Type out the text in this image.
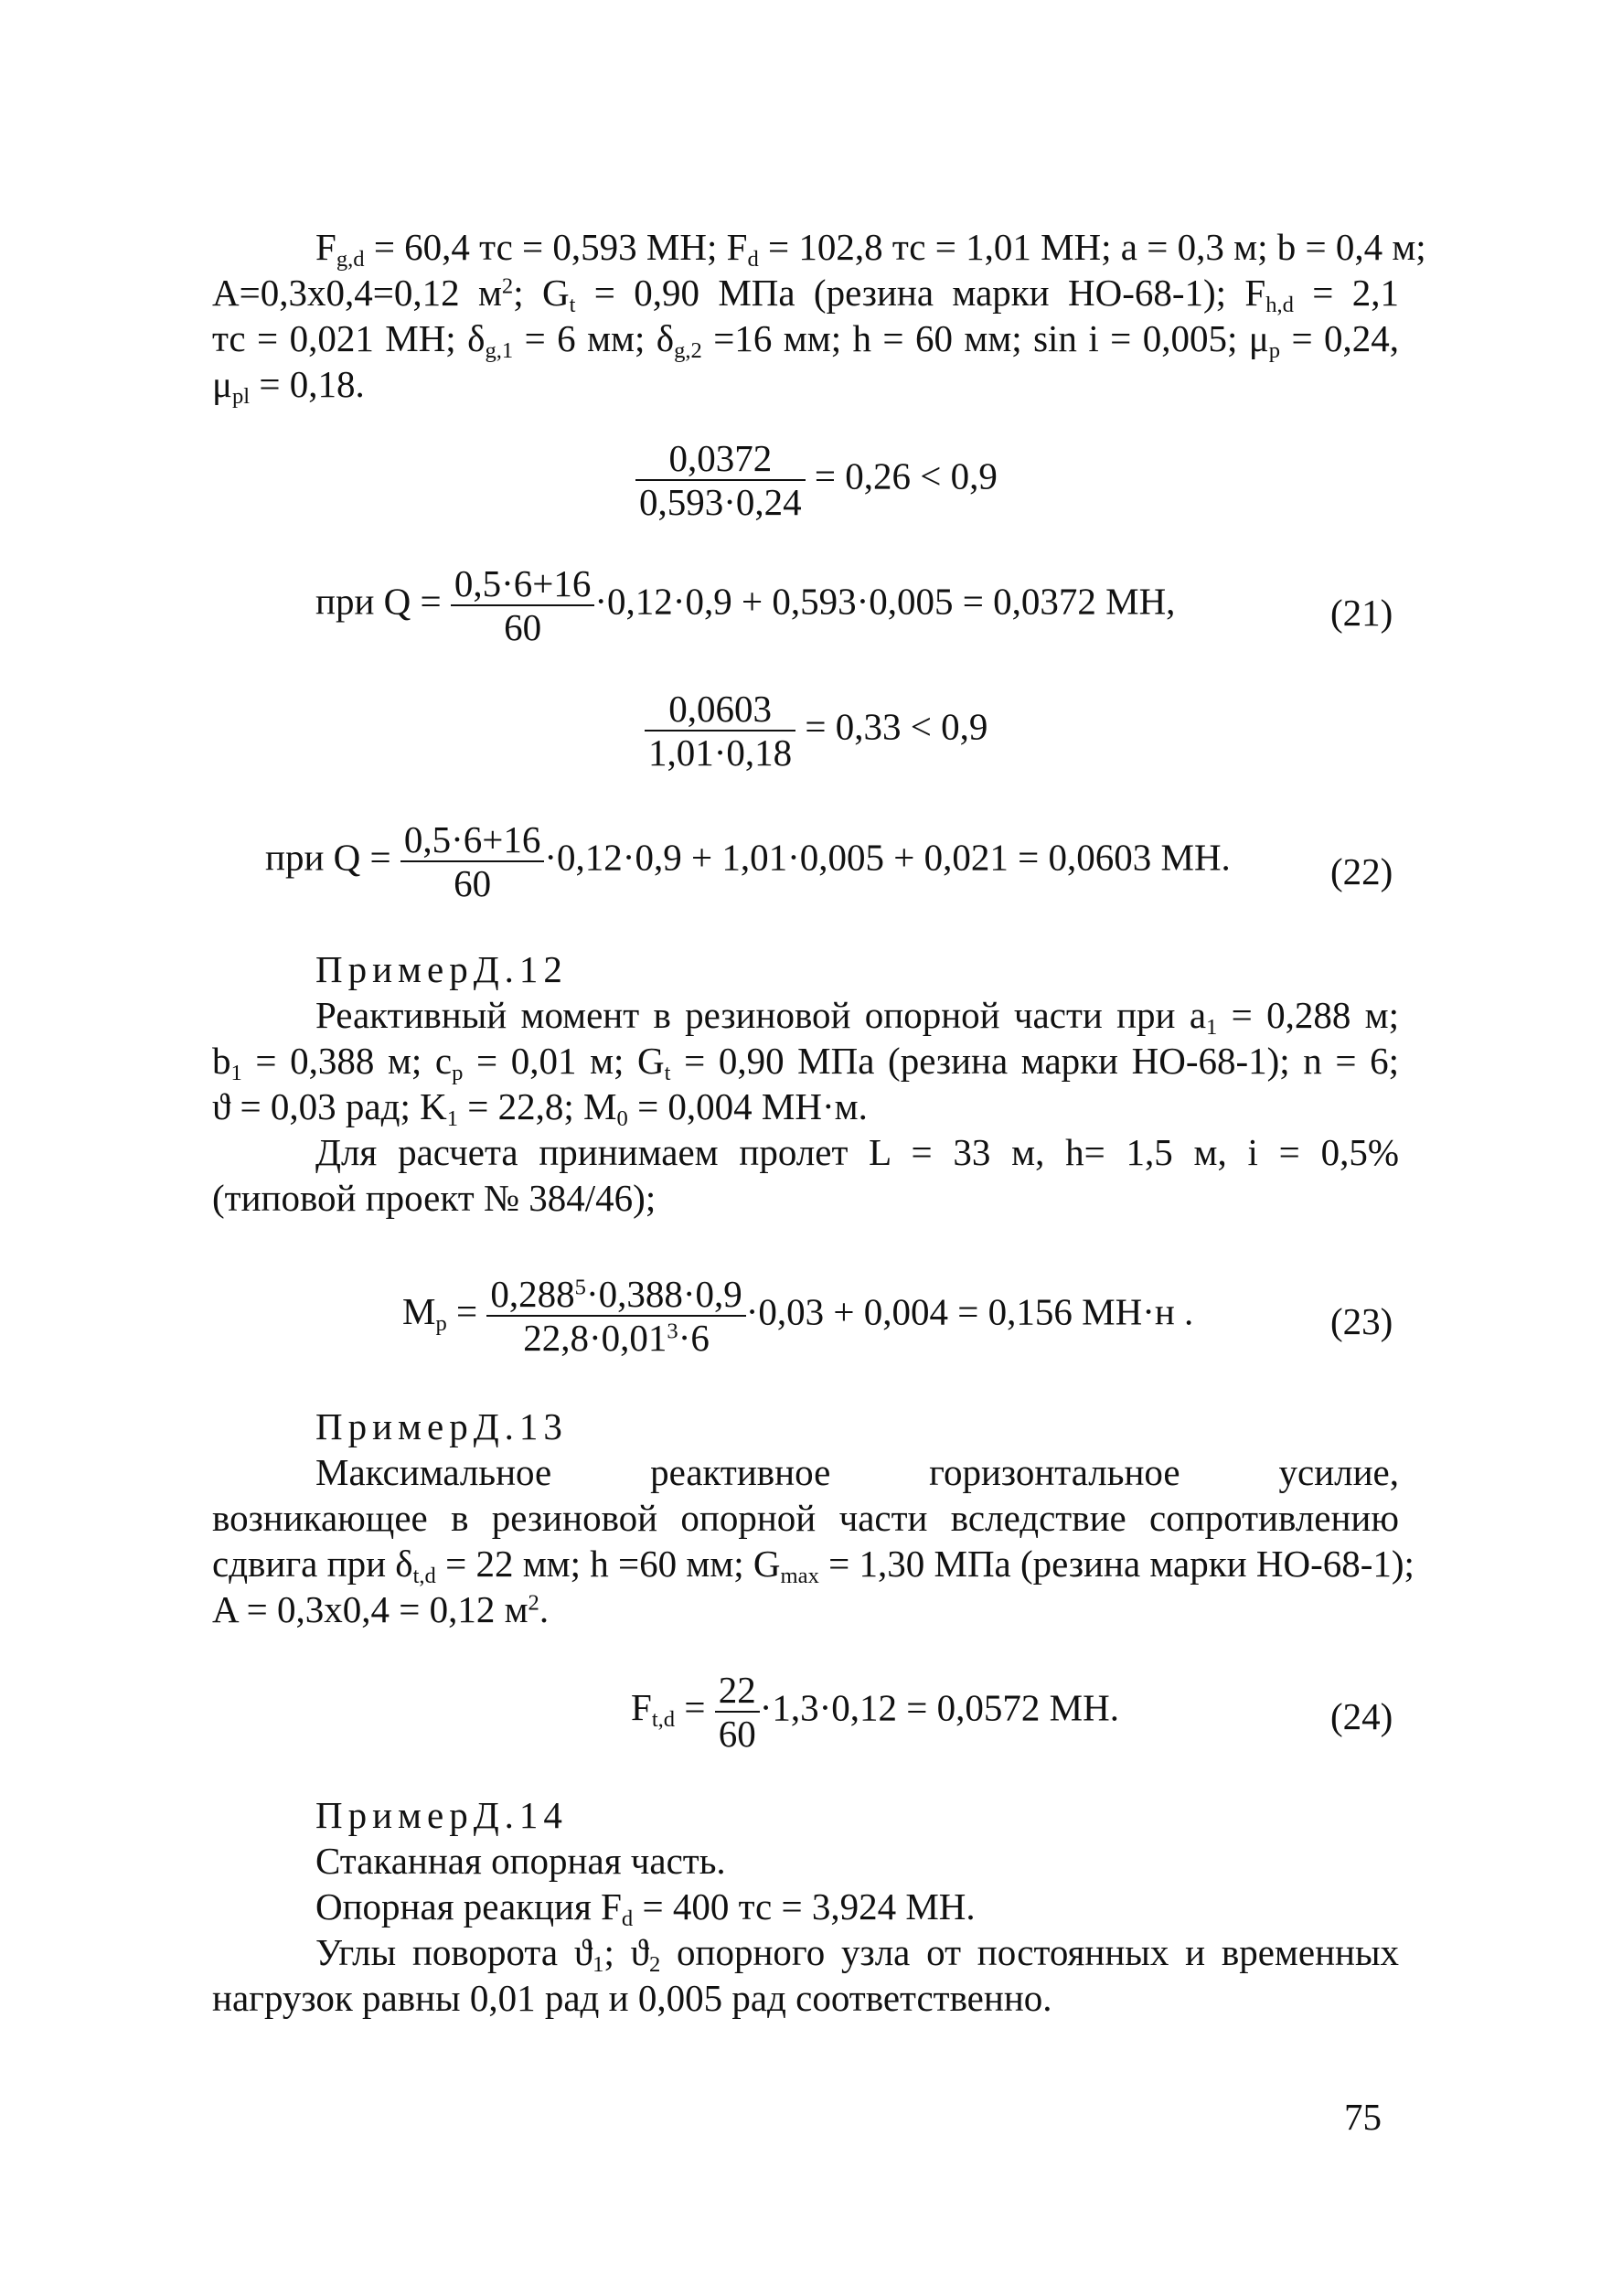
$F_{g,d} = 60,4$ тс = 0,593 МН; $F_d = 102,8$ тс = 1,01 МН; a = 0,3 м; b = 0,4 м;
A=0,3x0,4=0,12 $м^2$; $G_t = 0,90$ МПа (резина марки НО-68-1); $F_{h,d} = 2,1$
тс = 0,021 МН; $\delta_{g,1} = 6$ мм; $\delta_{g,2} =16$ мм; h = 60 мм; sin i = 0,005; $\mu_p = 0,24$,
$\mu_{pl} = 0,18$.
$\frac{0,0372}{0,593\cdot 0,24} = 0,26 < 0,9$
при $Q = \frac{0,5\cdot 6+16}{60} \cdot 0,12\cdot 0,9 + 0,593\cdot 0,005 = 0,0372$ МН,	(21)
$\frac{0,0603}{1,01\cdot 0,18} = 0,33 < 0,9$
при $Q = \frac{0,5\cdot 6+16}{60} \cdot 0,12\cdot 0,9 + 1,01\cdot 0,005 + 0,021 = 0,0603$ МН.	(22)
ПримерД.12
Реактивный момент в резиновой опорной части при $a_1 = 0,288$ м;
$b_1 = 0,388$ м; $c_p = 0,01$ м; $G_t = 0,90$ МПа (резина марки НО-68-1); n = 6;
ϑ = 0,03 рад; $K_1 = 22,8$; $M_0 = 0,004$ МН·м.
Для расчета принимаем пролет L = 33 м, h= 1,5 м, i = 0,5%
(типовой проект № 384/46);
$M_p = \frac{0,288^5\cdot 0,388\cdot 0,9}{22,8\cdot 0,01^3\cdot 6} \cdot 0,03 + 0,004 = 0,156$ МН·н .	(23)
ПримерД.13
Максимальное реактивное горизонтальное усилие,
возникающее в резиновой опорной части вследствие сопротивлению
сдвига при $\delta_{t,d} = 22$ мм; h =60 мм; $G_{max} = 1,30$ МПа (резина марки НО-68-1);
A = 0,3x0,4 = 0,12 $м^2$.
$F_{t,d} = \frac{22}{60} \cdot 1,3\cdot 0,12 = 0,0572$ МН.	(24)
ПримерД.14
Стаканная опорная часть.
Опорная реакция $F_d = 400$ тс = 3,924 МН.
Углы поворота $ϑ_1$; $ϑ_2$ опорного узла от постоянных и временных
нагрузок равны 0,01 рад и 0,005 рад соответственно.
75
